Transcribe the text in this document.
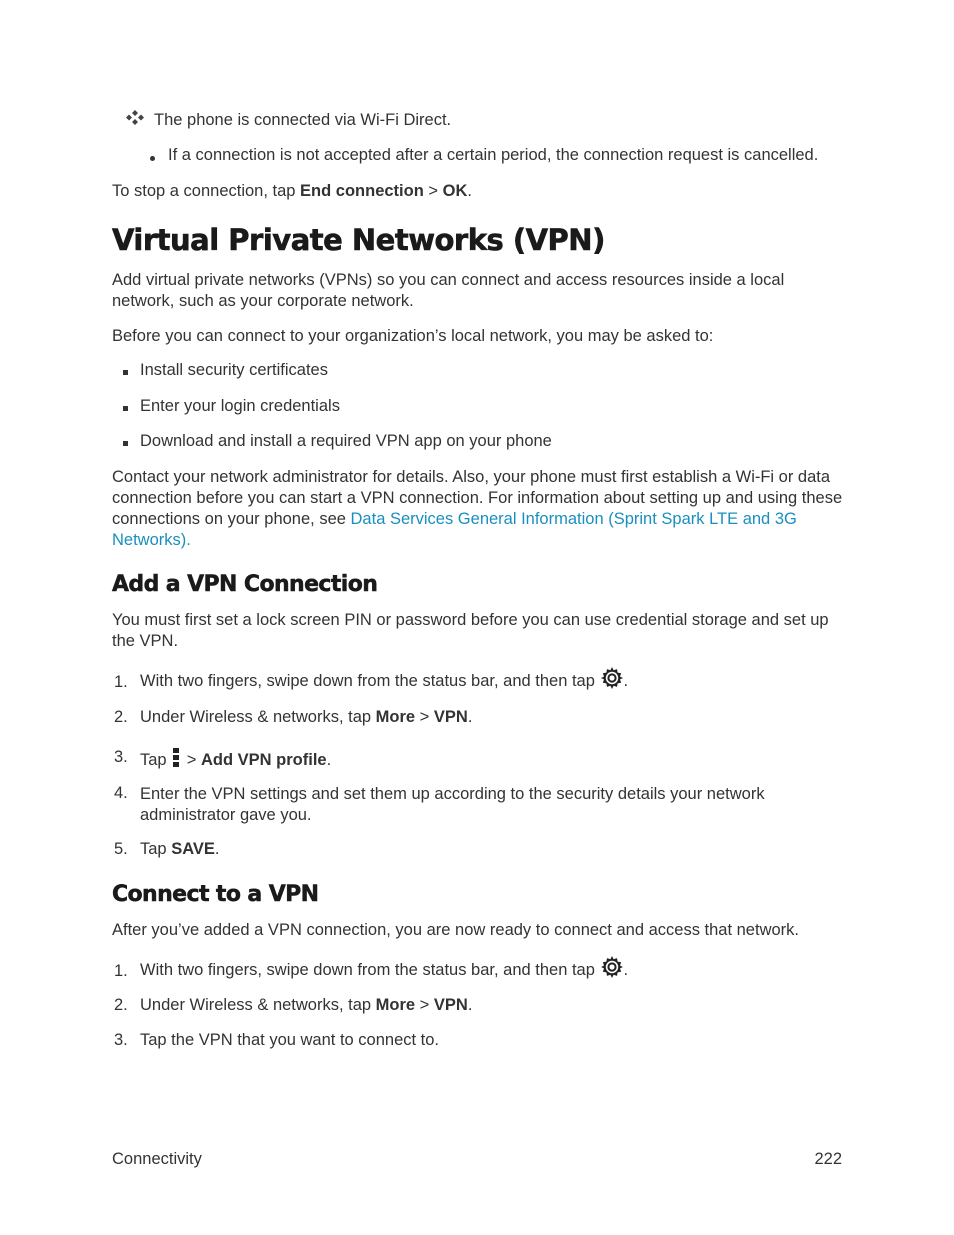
The phone is connected via Wi-Fi Direct.

If a connection is not accepted after a certain period, the connection request is cancelled.

To stop a connection, tap End connection > OK.

Virtual Private Networks (VPN)

Add virtual private networks (VPNs) so you can connect and access resources inside a local network, such as your corporate network.

Before you can connect to your organization’s local network, you may be asked to:

Install security certificates

Enter your login credentials

Download and install a required VPN app on your phone

Contact your network administrator for details. Also, your phone must first establish a Wi-Fi or data connection before you can start a VPN connection. For information about setting up and using these connections on your phone, see Data Services General Information (Sprint Spark LTE and 3G Networks).

Add a VPN Connection

You must first set a lock screen PIN or password before you can use credential storage and set up the VPN.

1. With two fingers, swipe down from the status bar, and then tap .

2. Under Wireless & networks, tap More > VPN.

3. Tap
> Add VPN profile.

4. Enter the VPN settings and set them up according to the security details your network administrator gave you.

5. Tap SAVE.

Connect to a VPN

After you’ve added a VPN connection, you are now ready to connect and access that network.

1. With two fingers, swipe down from the status bar, and then tap .

2. Under Wireless & networks, tap More > VPN.

3. Tap the VPN that you want to connect to.

Connectivity	222
